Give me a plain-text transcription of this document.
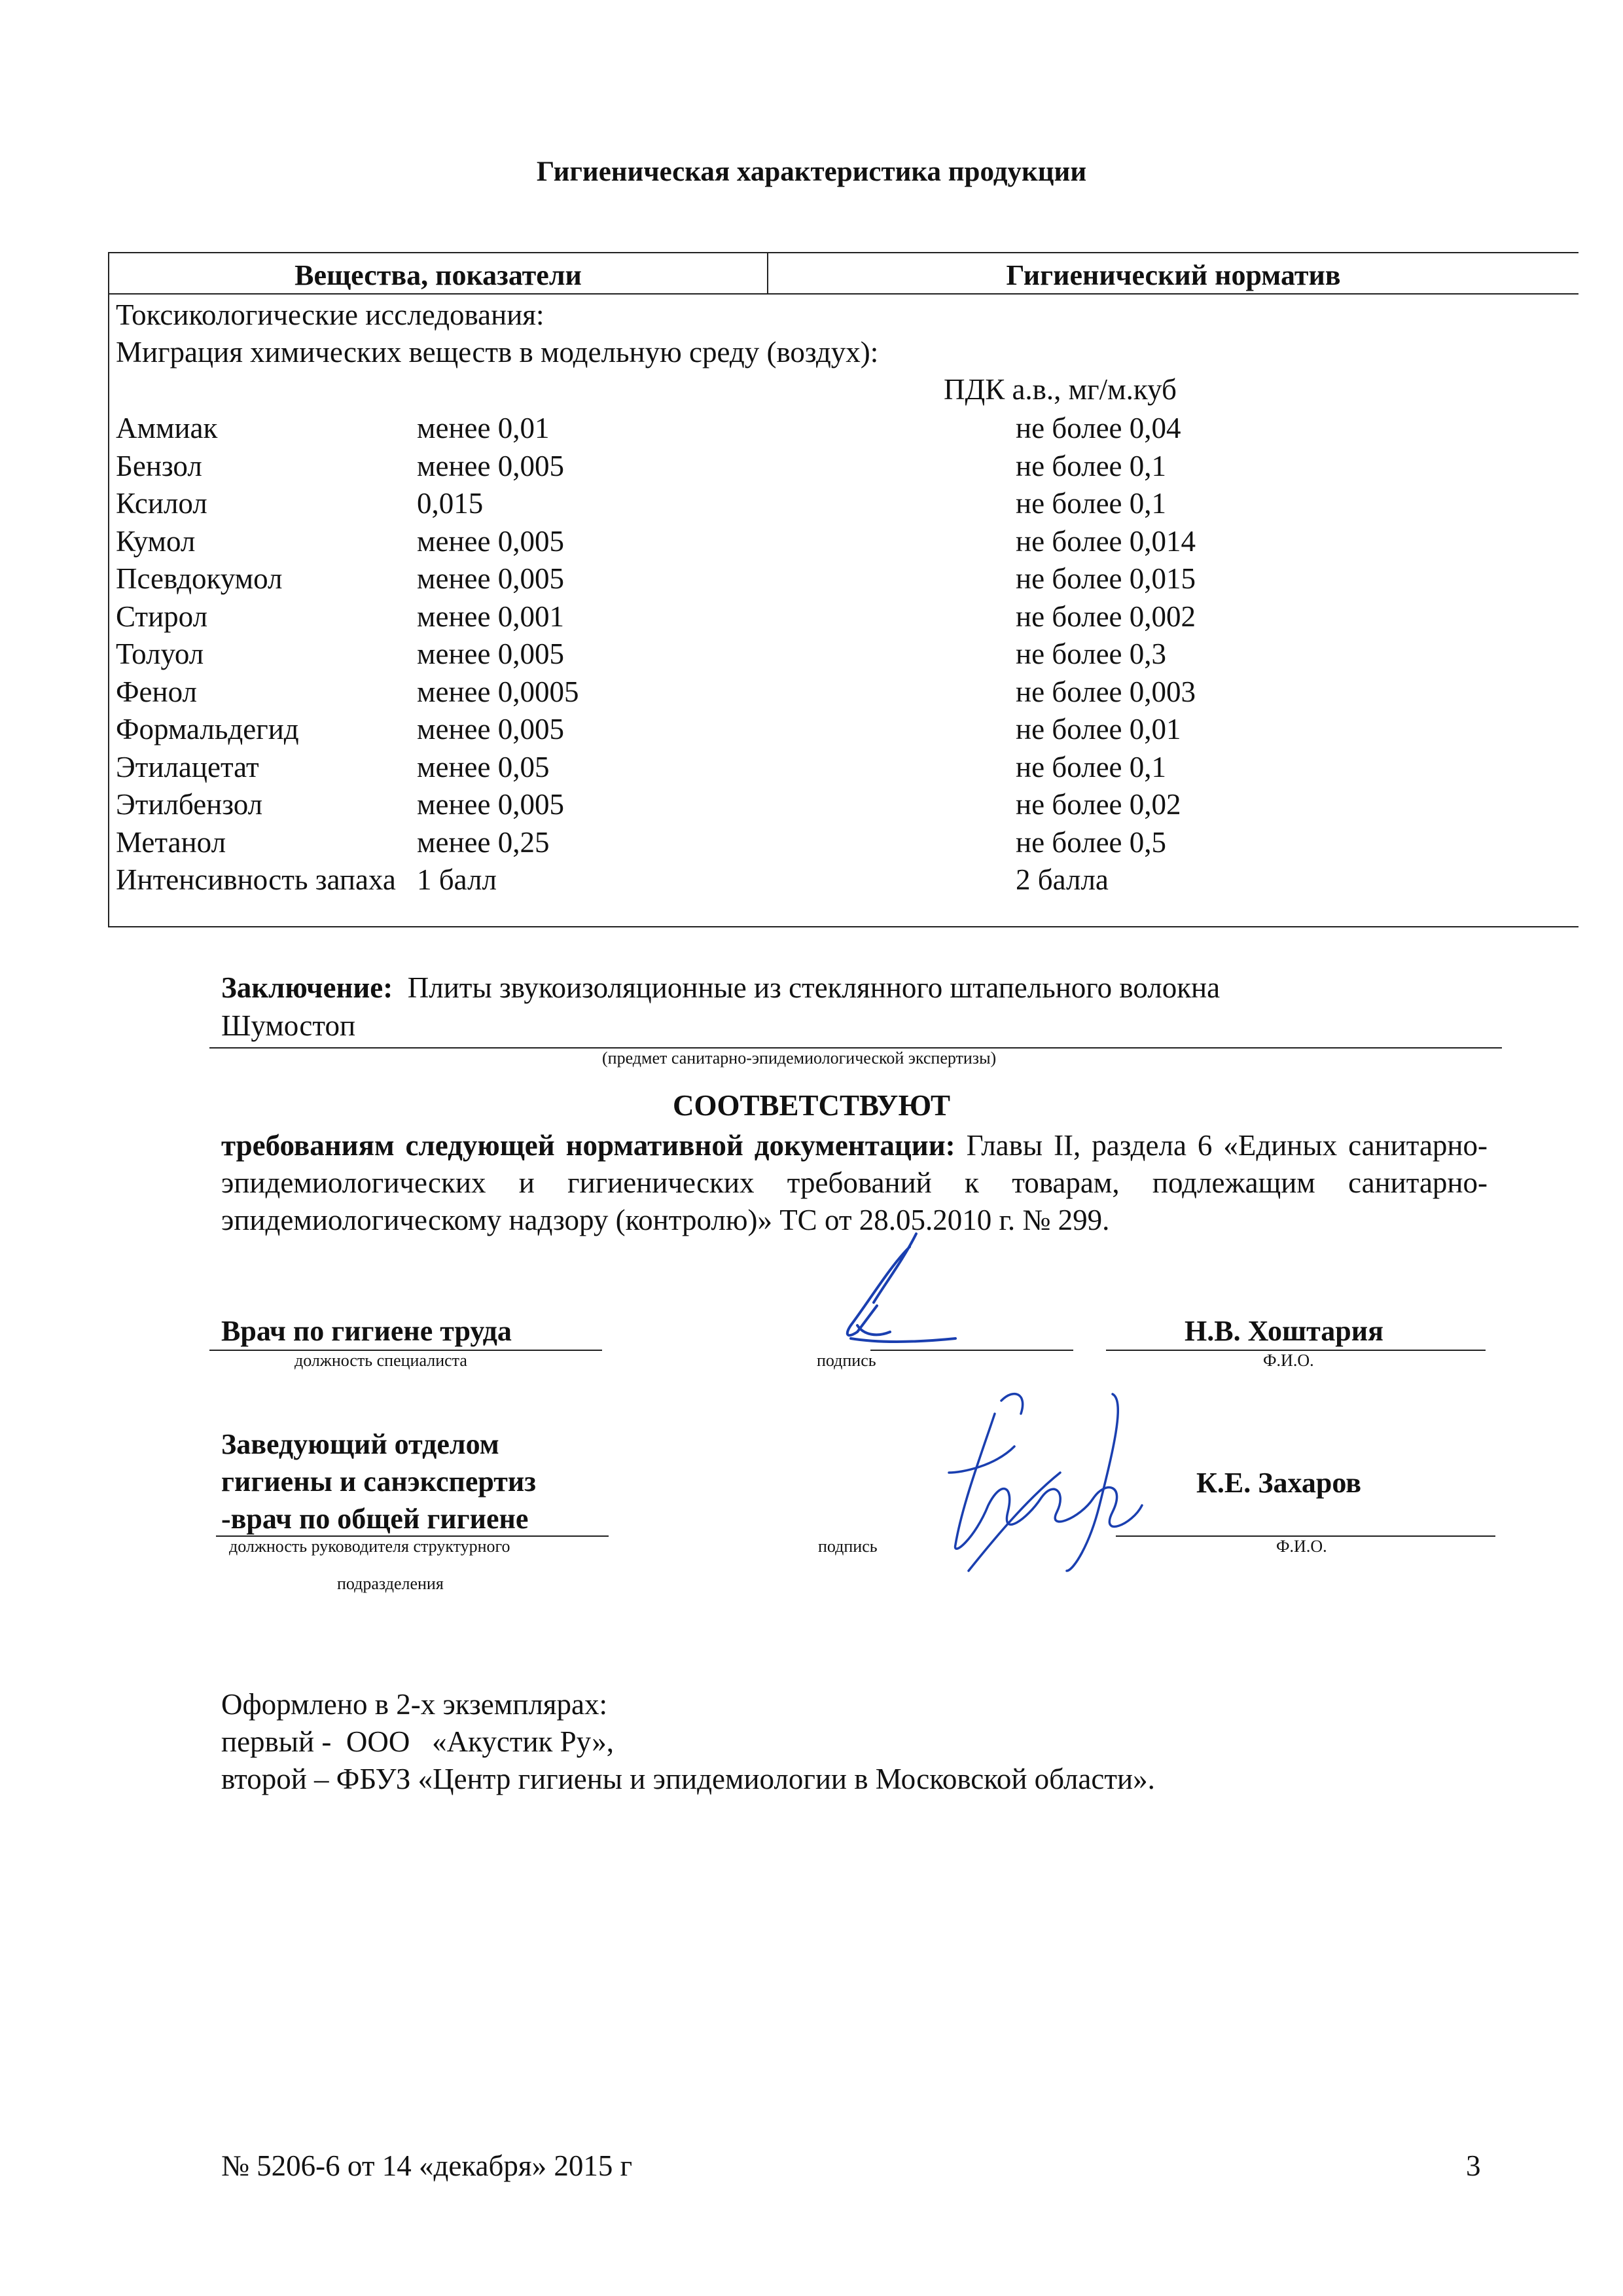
Гигиеническая характеристика продукции
Вещества, показатели	Гигиенический норматив
Токсикологические исследования:
Миграция химических веществ в модельную среду (воздух):
ПДК а.в., мг/м.куб
Аммиак	менее 0,01	не более 0,04
Бензол	менее 0,005	не более 0,1
Ксилол	0,015	не более 0,1
Кумол	менее 0,005	не более 0,014
Псевдокумол	менее 0,005	не более 0,015
Стирол	менее 0,001	не более 0,002
Толуол	менее 0,005	не более 0,3
Фенол	менее 0,0005	не более 0,003
Формальдегид	менее 0,005	не более 0,01
Этилацетат	менее 0,05	не более 0,1
Этилбензол	менее 0,005	не более 0,02
Метанол	менее 0,25	не более 0,5
Интенсивность запаха 1 балл	2 балла
Заключение: Плиты звукоизоляционные из стеклянного штапельного волокна
Шумостоп
(предмет санитарно-эпидемиологической экспертизы)
СООТВЕТСТВУЮТ
требованиям следующей нормативной документации: Главы II, раздела 6 «Единых санитарно- эпидемиологических и гигиенических требований к товарам, подлежащим санитарно-эпидемиологическому надзору (контролю)» ТС от 28.05.2010 г. № 299.
Врач по гигиене труда
должность специалиста	подпись
Н.В. Хоштария
Ф.И.О.
Заведующий отделом
гигиены и санэкспертиз
-врач по общей гигиене
должность руководителя структурного
подразделения
подпись
К.Е. Захаров
Ф.И.О.
Оформлено в 2-х экземплярах:
первый -  ООО   «Акустик Ру»,
второй – ФБУЗ «Центр гигиены и эпидемиологии в Московской области».
№ 5206-6 от 14 «декабря» 2015 г	3
